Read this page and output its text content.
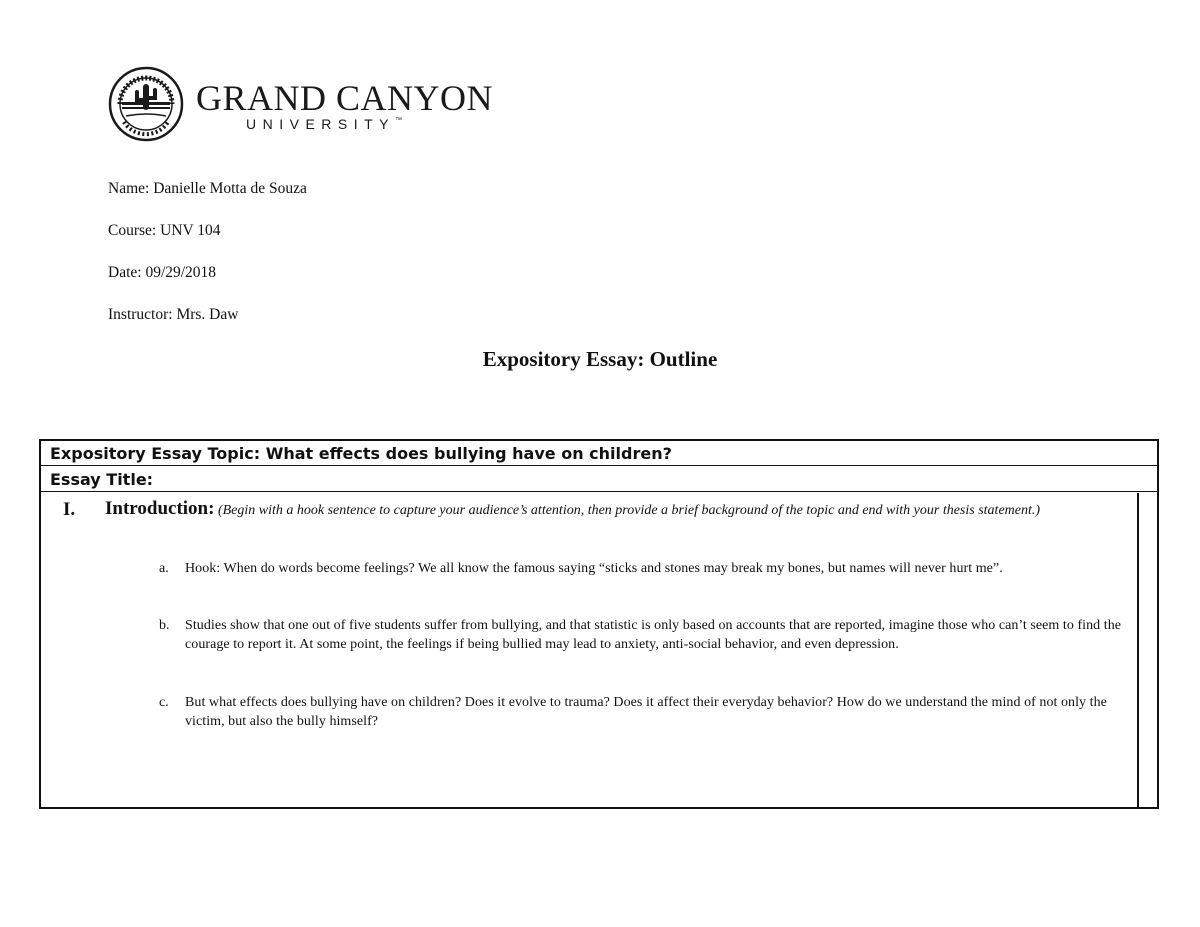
GRAND CANYON
UNIVERSITY™
Name: Danielle Motta de Souza
Course: UNV 104
Date: 09/29/2018
Instructor: Mrs. Daw
Expository Essay: Outline
Expository Essay Topic: What effects does bullying have on children?
Essay Title:
I. Introduction: (Begin with a hook sentence to capture your audience’s attention, then provide a brief background of the topic and end with your thesis statement.)
a. Hook: When do words become feelings? We all know the famous saying “sticks and stones may break my bones, but names will never hurt me”.
b. Studies show that one out of five students suffer from bullying, and that statistic is only based on accounts that are reported, imagine those who can’t seem to find the courage to report it. At some point, the feelings if being bullied may lead to anxiety, anti-social behavior, and even depression.
c. But what effects does bullying have on children? Does it evolve to trauma? Does it affect their everyday behavior? How do we understand the mind of not only the victim, but also the bully himself?
